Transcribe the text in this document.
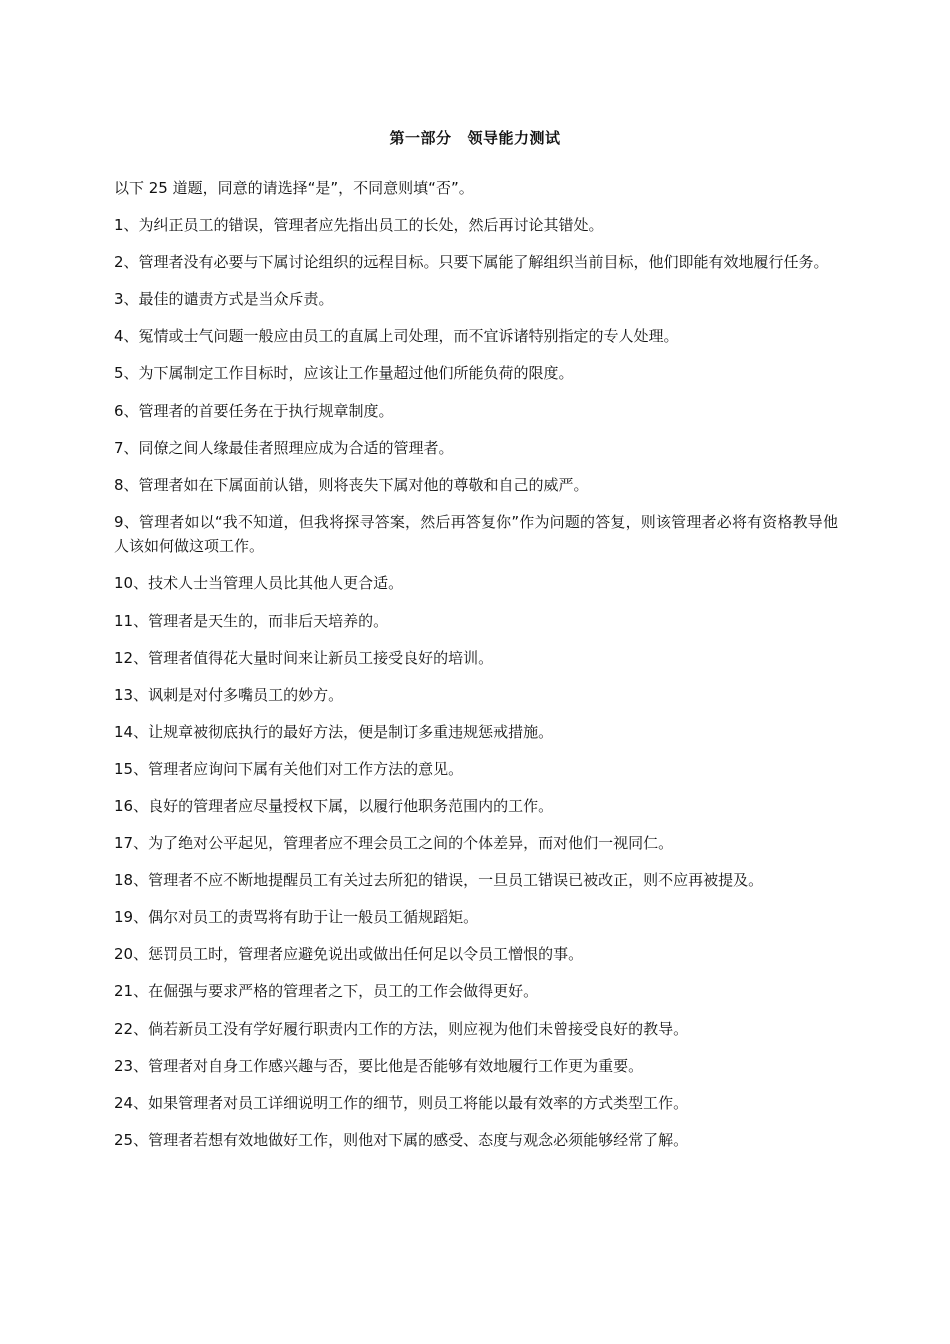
第一部分 领导能力测试

以下 25 道题，同意的请选择“是”，不同意则填“否”。

1、为纠正员工的错误，管理者应先指出员工的长处，然后再讨论其错处。

2、管理者没有必要与下属讨论组织的远程目标。只要下属能了解组织当前目标，他们即能有效地履行任务。

3、最佳的谴责方式是当众斥责。

4、冤情或士气问题一般应由员工的直属上司处理，而不宜诉诸特别指定的专人处理。

5、为下属制定工作目标时，应该让工作量超过他们所能负荷的限度。

6、管理者的首要任务在于执行规章制度。

7、同僚之间人缘最佳者照理应成为合适的管理者。

8、管理者如在下属面前认错，则将丧失下属对他的尊敬和自己的威严。

9、管理者如以“我不知道，但我将探寻答案，然后再答复你”作为问题的答复，则该管理者必将有资格教导他人该如何做这项工作。

10、技术人士当管理人员比其他人更合适。

11、管理者是天生的，而非后天培养的。

12、管理者值得花大量时间来让新员工接受良好的培训。

13、讽刺是对付多嘴员工的妙方。

14、让规章被彻底执行的最好方法，便是制订多重违规惩戒措施。

15、管理者应询问下属有关他们对工作方法的意见。

16、良好的管理者应尽量授权下属，以履行他职务范围内的工作。

17、为了绝对公平起见，管理者应不理会员工之间的个体差异，而对他们一视同仁。

18、管理者不应不断地提醒员工有关过去所犯的错误，一旦员工错误已被改正，则不应再被提及。

19、偶尔对员工的责骂将有助于让一般员工循规蹈矩。

20、惩罚员工时，管理者应避免说出或做出任何足以令员工憎恨的事。

21、在倔强与要求严格的管理者之下，员工的工作会做得更好。

22、倘若新员工没有学好履行职责内工作的方法，则应视为他们未曾接受良好的教导。

23、管理者对自身工作感兴趣与否，要比他是否能够有效地履行工作更为重要。

24、如果管理者对员工详细说明工作的细节，则员工将能以最有效率的方式类型工作。

25、管理者若想有效地做好工作，则他对下属的感受、态度与观念必须能够经常了解。
